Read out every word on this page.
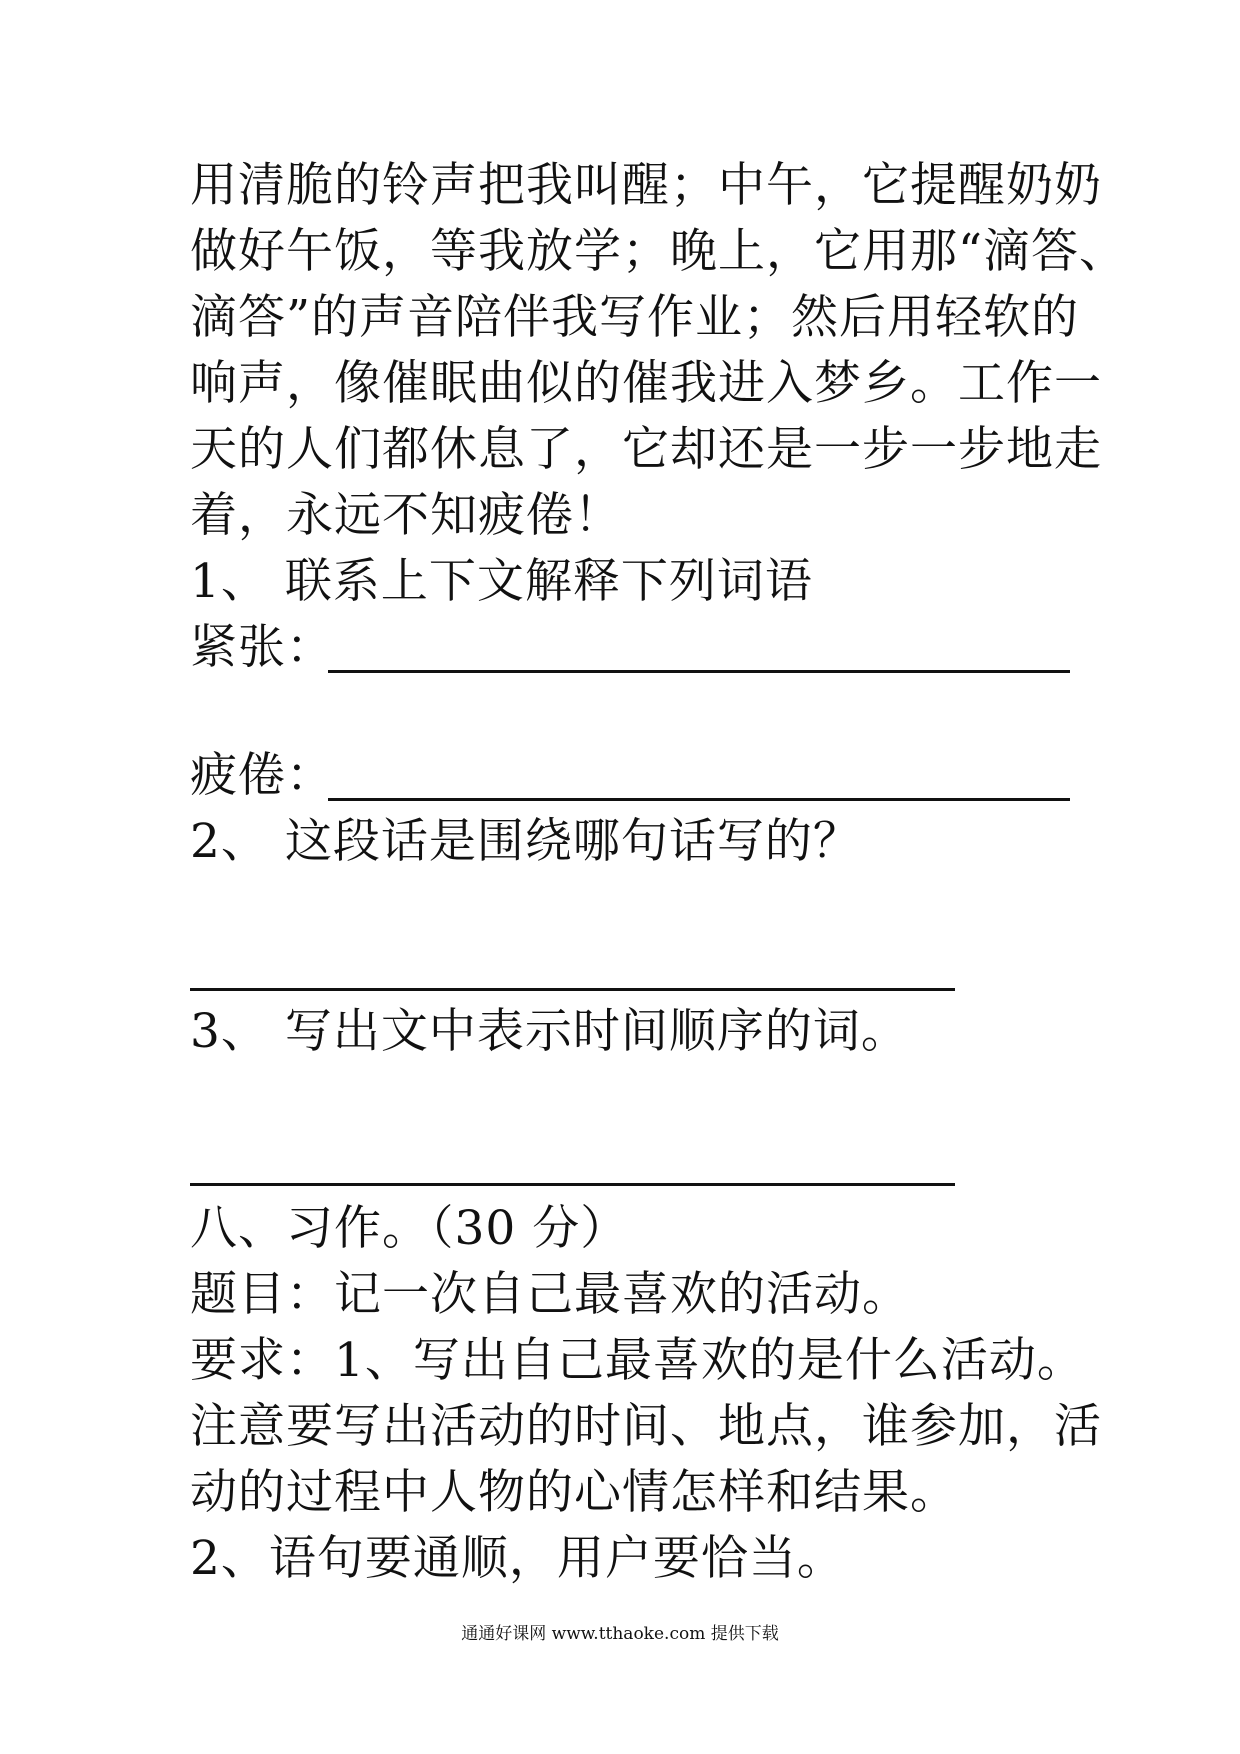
用清脆的铃声把我叫醒；中午，它提醒奶奶
做好午饭，等我放学；晚上，它用那“滴答、
滴答”的声音陪伴我写作业；然后用轻软的
响声，像催眠曲似的催我进入梦乡。工作一
天的人们都休息了，它却还是一步一步地走
着，永远不知疲倦！
1、 联系上下文解释下列词语
紧张：
疲倦：
2、 这段话是围绕哪句话写的？
3、 写出文中表示时间顺序的词。
八、习作。（30 分）
题目：记一次自己最喜欢的活动。
要求：1、写出自己最喜欢的是什么活动。
注意要写出活动的时间、地点，谁参加，活
动的过程中人物的心情怎样和结果。
2、语句要通顺，用户要恰当。
通通好课网 www.tthaoke.com 提供下载
